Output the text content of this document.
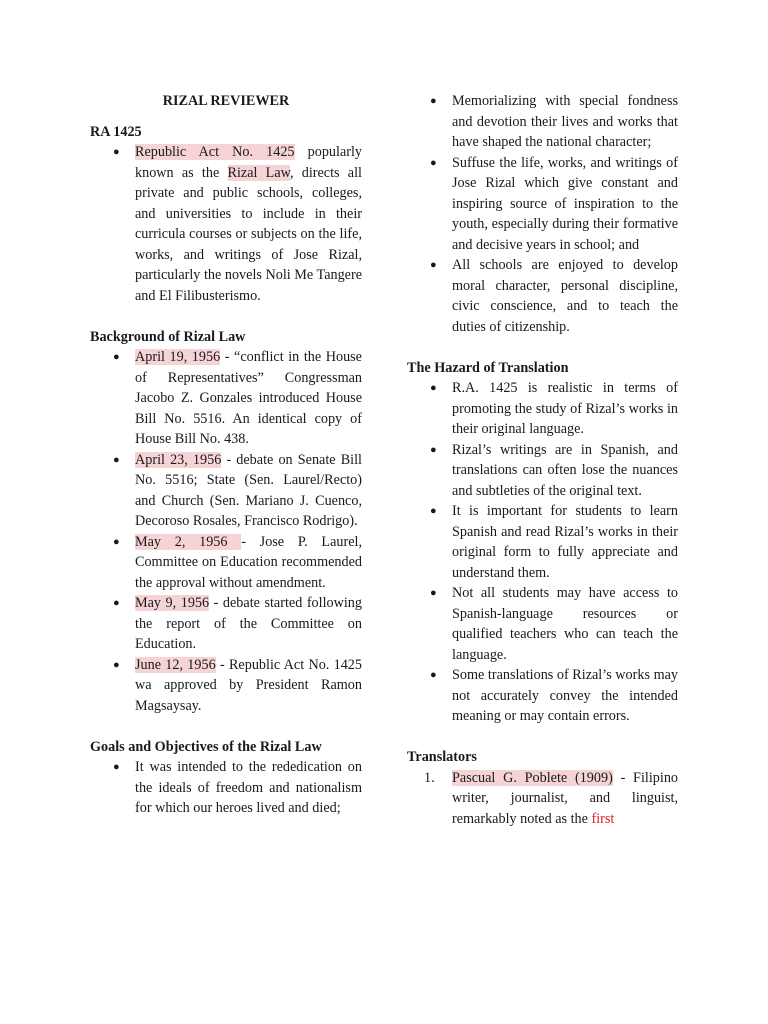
RIZAL REVIEWER
RA 1425
● Republic Act No. 1425 popularly known as the Rizal Law, directs all private and public schools, colleges, and universities to include in their curricula courses or subjects on the life, works, and writings of Jose Rizal, particularly the novels Noli Me Tangere and El Filibusterismo.
Background of Rizal Law
● April 19, 1956 - “conflict in the House of Representatives” Congressman Jacobo Z. Gonzales introduced House Bill No. 5516. An identical copy of House Bill No. 438.
● April 23, 1956 - debate on Senate Bill No. 5516; State (Sen. Laurel/Recto) and Church (Sen. Mariano J. Cuenco, Decoroso Rosales, Francisco Rodrigo).
● May 2, 1956 - Jose P. Laurel, Committee on Education recommended the approval without amendment.
● May 9, 1956 - debate started following the report of the Committee on Education.
● June 12, 1956 - Republic Act No. 1425 wa approved by President Ramon Magsaysay.
Goals and Objectives of the Rizal Law
● It was intended to the rededication on the ideals of freedom and nationalism for which our heroes lived and died;
● Memorializing with special fondness and devotion their lives and works that have shaped the national character;
● Suffuse the life, works, and writings of Jose Rizal which give constant and inspiring source of inspiration to the youth, especially during their formative and decisive years in school; and
● All schools are enjoyed to develop moral character, personal discipline, civic conscience, and to teach the duties of citizenship.
The Hazard of Translation
● R.A. 1425 is realistic in terms of promoting the study of Rizal’s works in their original language.
● Rizal’s writings are in Spanish, and translations can often lose the nuances and subtleties of the original text.
● It is important for students to learn Spanish and read Rizal’s works in their original form to fully appreciate and understand them.
● Not all students may have access to Spanish-language resources or qualified teachers who can teach the language.
● Some translations of Rizal’s works may not accurately convey the intended meaning or may contain errors.
Translators
1. Pascual G. Poblete (1909) - Filipino writer, journalist, and linguist, remarkably noted as the first
